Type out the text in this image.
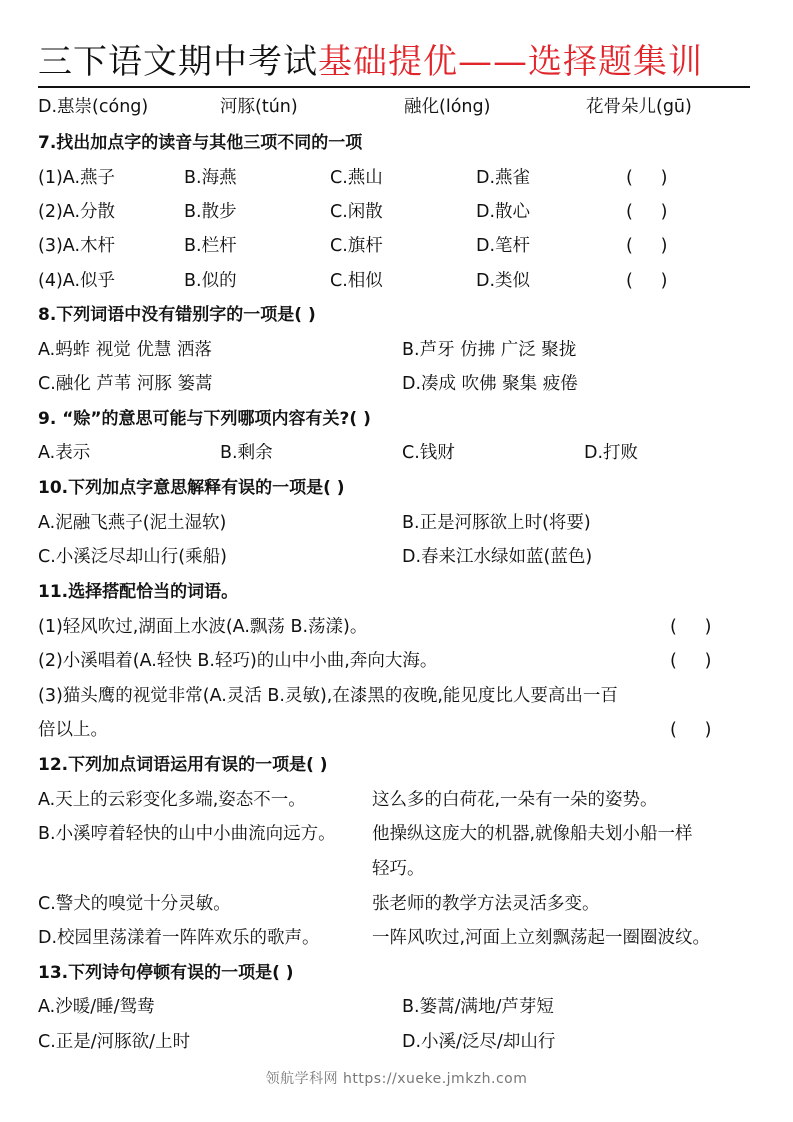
三下语文期中考试基础提优——选择题集训
D.惠崇(cóng)	河豚(tún)	融化(lóng)	花骨朵儿(gū)
7.找出加点字的读音与其他三项不同的一项
(1)A.燕子	B.海燕	C.燕山	D.燕雀	(     )
(2)A.分散	B.散步	C.闲散	D.散心	(     )
(3)A.木杆	B.栏杆	C.旗杆	D.笔杆	(     )
(4)A.似乎	B.似的	C.相似	D.类似	(     )
8.下列词语中没有错别字的一项是( )
A.蚂蚱 视觉 优慧 洒落	B.芦牙 仿拂 广泛 聚拢
C.融化 芦苇 河豚 篓蒿	D.凑成 吹佛 聚集 疲倦
9. “赊”的意思可能与下列哪项内容有关?( )
A.表示	B.剩余	C.钱财	D.打败
10.下列加点字意思解释有误的一项是( )
A.泥融飞燕子(泥土湿软)	B.正是河豚欲上时(将要)
C.小溪泛尽却山行(乘船)	D.春来江水绿如蓝(蓝色)
11.选择搭配恰当的词语。
(1)轻风吹过,湖面上水波(A.飘荡 B.荡漾)。	(     )
(2)小溪唱着(A.轻快 B.轻巧)的山中小曲,奔向大海。	(     )
(3)猫头鹰的视觉非常(A.灵活 B.灵敏),在漆黑的夜晚,能见度比人要高出一百
倍以上。	(     )
12.下列加点词语运用有误的一项是( )
A.天上的云彩变化多端,姿态不一。	这么多的白荷花,一朵有一朵的姿势。
B.小溪哼着轻快的山中小曲流向远方。 他操纵这庞大的机器,就像船夫划小船一样
轻巧。
C.警犬的嗅觉十分灵敏。	张老师的教学方法灵活多变。
D.校园里荡漾着一阵阵欢乐的歌声。	一阵风吹过,河面上立刻飘荡起一圈圈波纹。
13.下列诗句停顿有误的一项是( )
A.沙暖/睡/鸳鸯	B.篓蒿/满地/芦芽短
C.正是/河豚欲/上时	D.小溪/泛尽/却山行
领航学科网 https://xueke.jmkzh.com
